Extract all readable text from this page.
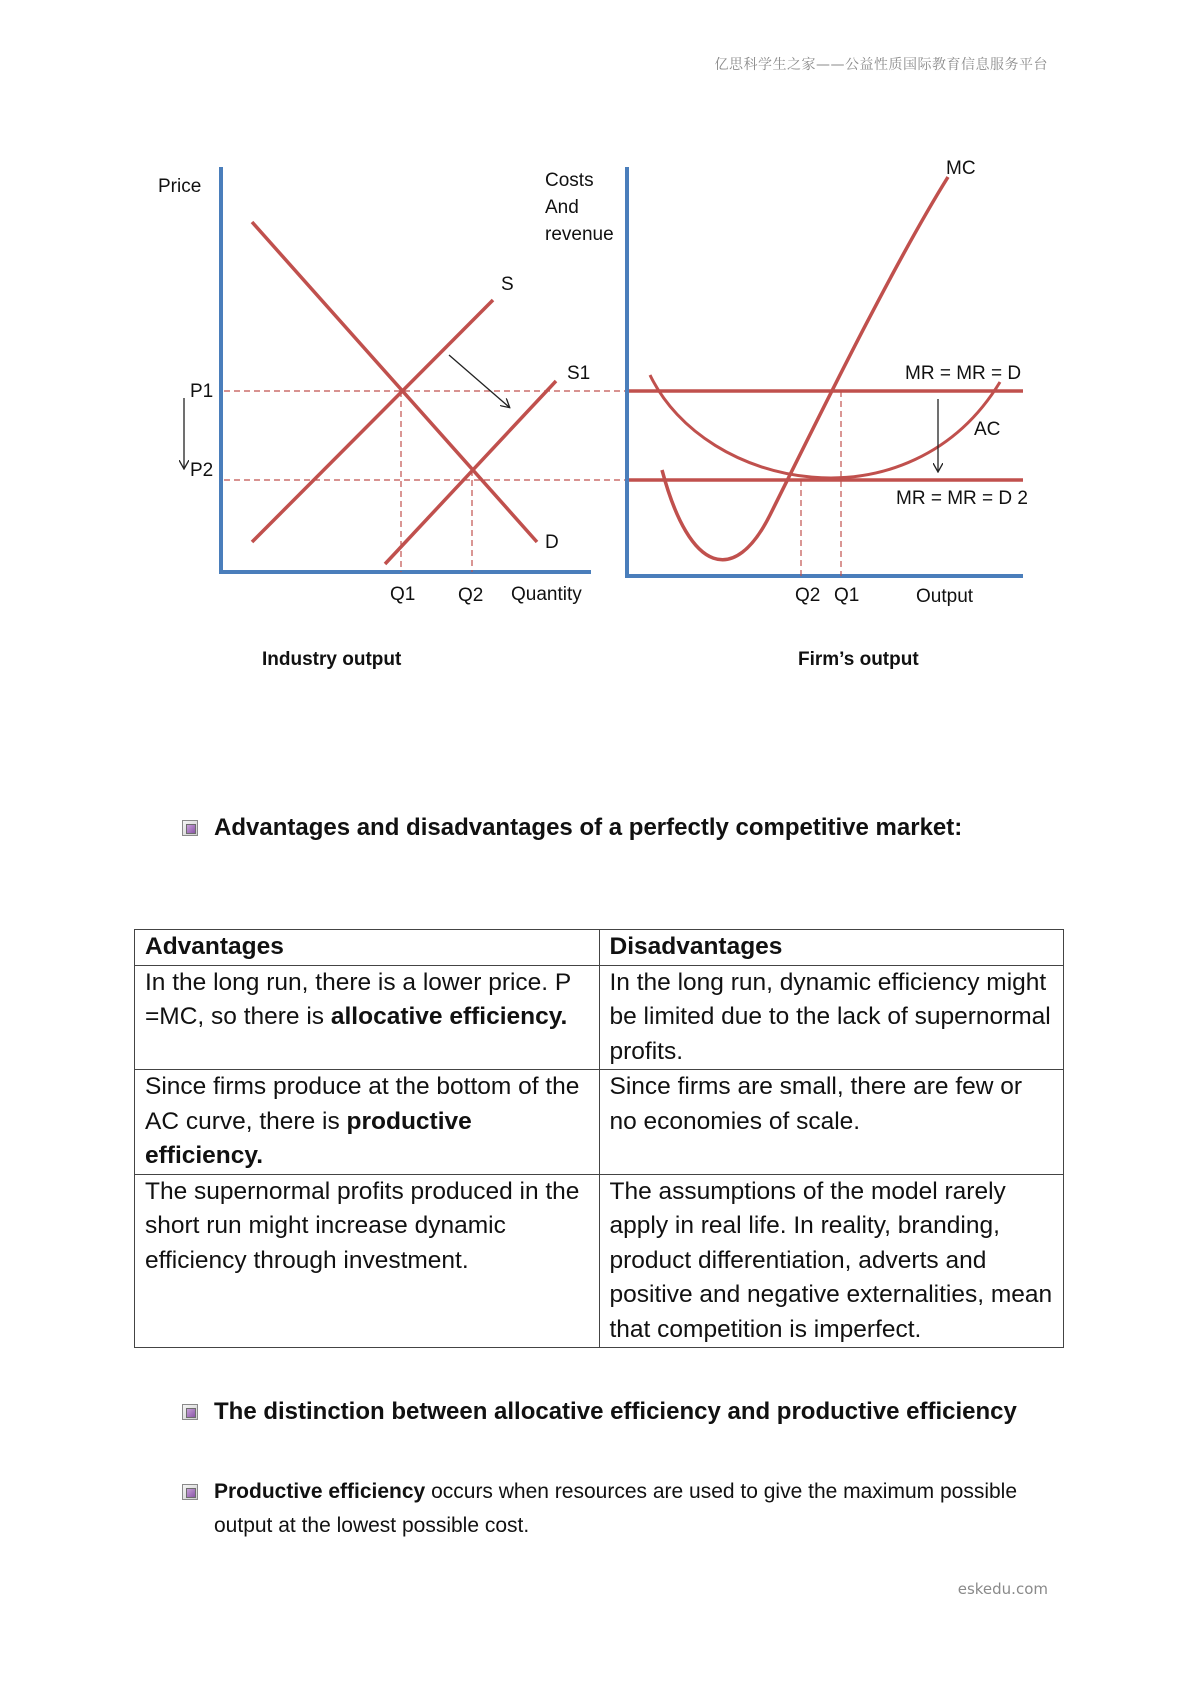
亿思科学生之家——公益性质国际教育信息服务平台
Price
S
S1
D
P1
P2
Q1 Q2 Quantity
Industry output
Costs
And
revenue
MC
MR = MR = D
AC
MR = MR = D 2
Q2 Q1	Output
Firm’s output
Advantages and disadvantages of a perfectly competitive market:
Advantages	Disadvantages
In the long run, there is a lower price. P =MC, so there is allocative efficiency.	In the long run, dynamic efficiency might be limited due to the lack of supernormal profits.
Since firms produce at the bottom of the AC curve, there is productive efficiency.	Since firms are small, there are few or no economies of scale.
The supernormal profits produced in the short run might increase dynamic efficiency through investment.	The assumptions of the model rarely apply in real life. In reality, branding, product differentiation, adverts and positive and negative externalities, mean that competition is imperfect.
The distinction between allocative efficiency and productive efficiency
Productive efficiency occurs when resources are used to give the maximum possible output at the lowest possible cost.
eskedu.com
